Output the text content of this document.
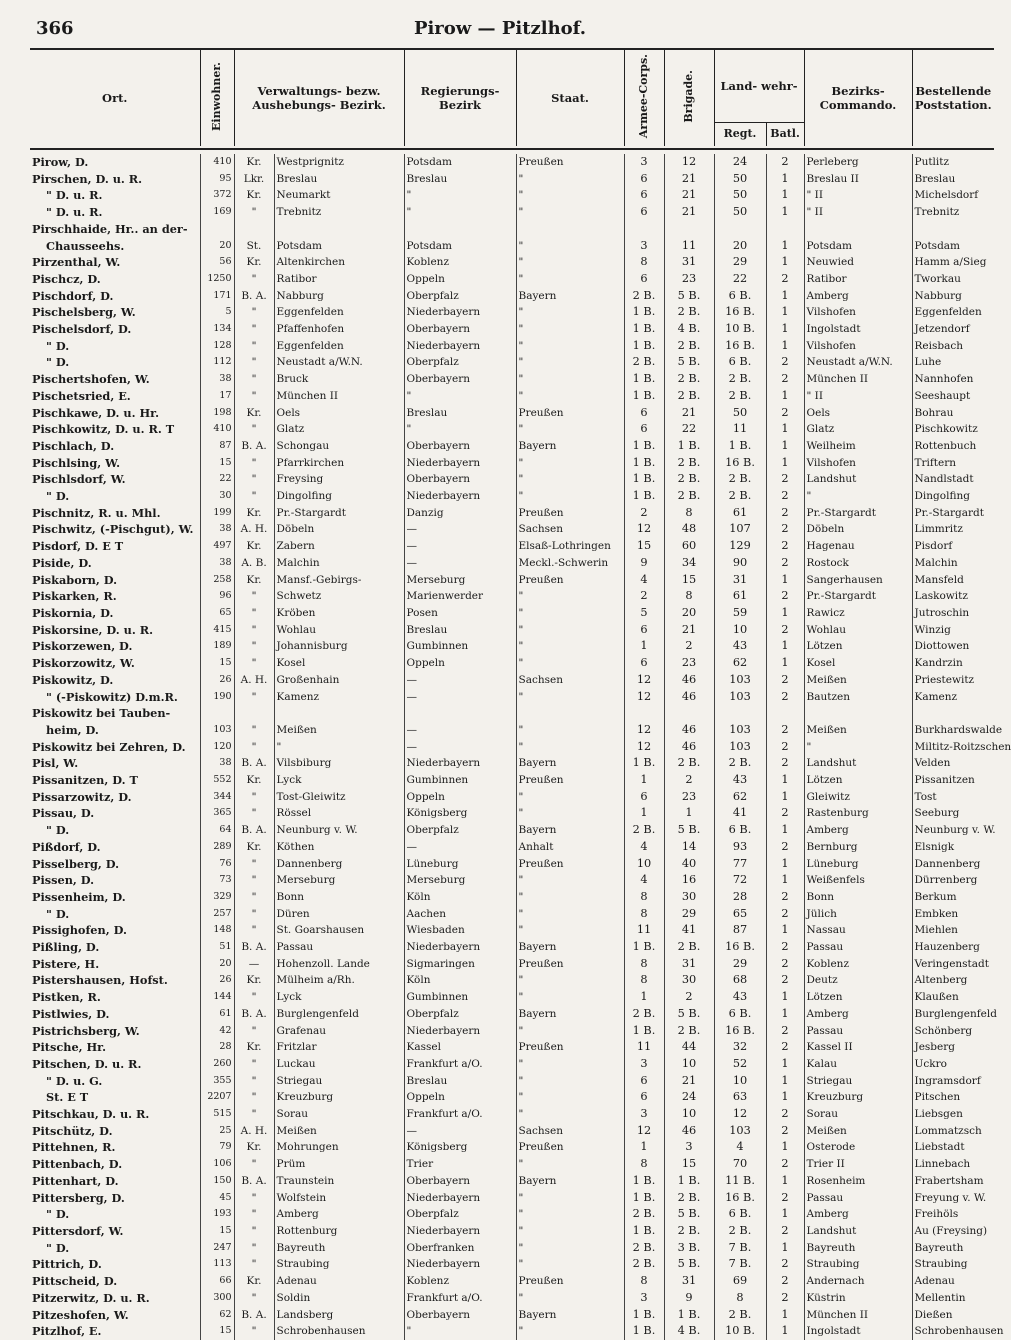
366	Pirow — Pitzlhof.
Ort.	Einwohner.	Verwaltungs- bezw. Aushebungs- Bezirk.	Regierungs- Bezirk	Staat.	Armee-Corps.	Brigade.	Land- wehr-		Bezirks- Commando.	Bestellende Poststation.
							Regt.	Batl.		
Pirow, D.	410	Kr.	Westprignitz	Potsdam	Preußen	3	12	24	2	Perleberg	Putlitz
Pirschen, D. u. R.	95	Lkr.	Breslau	Breslau	"	6	21	50	1	Breslau II	Breslau
" D. u. R.	372	Kr.	Neumarkt	"	"	6	21	50	1	" II	Michelsdorf
" D. u. R.	169	"	Trebnitz	"	"	6	21	50	1	" II	Trebnitz
Pirschhaide, Hr.. an der-											
Chausseehs.	20	St.	Potsdam	Potsdam	"	3	11	20	1	Potsdam	Potsdam
Pirzenthal, W.	56	Kr.	Altenkirchen	Koblenz	"	8	31	29	1	Neuwied	Hamm a/Sieg
Pischcz, D.	1250	"	Ratibor	Oppeln	"	6	23	22	2	Ratibor	Tworkau
Pischdorf, D.	171	B. A.	Nabburg	Oberpfalz	Bayern	2 B.	5 B.	6 B.	1	Amberg	Nabburg
Pischelsberg, W.	5	"	Eggenfelden	Niederbayern	"	1 B.	2 B.	16 B.	1	Vilshofen	Eggenfelden
Pischelsdorf, D.	134	"	Pfaffenhofen	Oberbayern	"	1 B.	4 B.	10 B.	1	Ingolstadt	Jetzendorf
" D.	128	"	Eggenfelden	Niederbayern	"	1 B.	2 B.	16 B.	1	Vilshofen	Reisbach
" D.	112	"	Neustadt a/W.N.	Oberpfalz	"	2 B.	5 B.	6 B.	2	Neustadt a/W.N.	Luhe
Pischertshofen, W.	38	"	Bruck	Oberbayern	"	1 B.	2 B.	2 B.	2	München II	Nannhofen
Pischetsried, E.	17	"	München II	"	"	1 B.	2 B.	2 B.	1	" II	Seeshaupt
Pischkawe, D. u. Hr.	198	Kr.	Oels	Breslau	Preußen	6	21	50	2	Oels	Bohrau
Pischkowitz, D. u. R. T	410	"	Glatz	"	"	6	22	11	1	Glatz	Pischkowitz
Pischlach, D.	87	B. A.	Schongau	Oberbayern	Bayern	1 B.	1 B.	1 B.	1	Weilheim	Rottenbuch
Pischlsing, W.	15	"	Pfarrkirchen	Niederbayern	"	1 B.	2 B.	16 B.	1	Vilshofen	Triftern
Pischlsdorf, W.	22	"	Freysing	Oberbayern	"	1 B.	2 B.	2 B.	2	Landshut	Nandlstadt
" D.	30	"	Dingolfing	Niederbayern	"	1 B.	2 B.	2 B.	2	"	Dingolfing
Pischnitz, R. u. Mhl.	199	Kr.	Pr.-Stargardt	Danzig	Preußen	2	8	61	2	Pr.-Stargardt	Pr.-Stargardt
Pischwitz, (-Pischgut), W.	38	A. H.	Döbeln	—	Sachsen	12	48	107	2	Döbeln	Limmritz
Pisdorf, D. E T	497	Kr.	Zabern	—	Elsaß-Lothringen	15	60	129	2	Hagenau	Pisdorf
Piside, D.	38	A. B.	Malchin	—	Meckl.-Schwerin	9	34	90	2	Rostock	Malchin
Piskaborn, D.	258	Kr.	Mansf.-Gebirgs-	Merseburg	Preußen	4	15	31	1	Sangerhausen	Mansfeld
Piskarken, R.	96	"	Schwetz	Marienwerder	"	2	8	61	2	Pr.-Stargardt	Laskowitz
Piskornia, D.	65	"	Kröben	Posen	"	5	20	59	1	Rawicz	Jutroschin
Piskorsine, D. u. R.	415	"	Wohlau	Breslau	"	6	21	10	2	Wohlau	Winzig
Piskorzewen, D.	189	"	Johannisburg	Gumbinnen	"	1	2	43	1	Lötzen	Diottowen
Piskorzowitz, W.	15	"	Kosel	Oppeln	"	6	23	62	1	Kosel	Kandrzin
Piskowitz, D.	26	A. H.	Großenhain	—	Sachsen	12	46	103	2	Meißen	Priestewitz
" (-Piskowitz) D.m.R.	190	"	Kamenz	—	"	12	46	103	2	Bautzen	Kamenz
Piskowitz bei Tauben-											
heim, D.	103	"	Meißen	—	"	12	46	103	2	Meißen	Burkhardswalde
Piskowitz bei Zehren, D.	120	"	"	—	"	12	46	103	2	"	Miltitz-Roitzschen
Pisl, W.	38	B. A.	Vilsbiburg	Niederbayern	Bayern	1 B.	2 B.	2 B.	2	Landshut	Velden
Pissanitzen, D. T	552	Kr.	Lyck	Gumbinnen	Preußen	1	2	43	1	Lötzen	Pissanitzen
Pissarzowitz, D.	344	"	Tost-Gleiwitz	Oppeln	"	6	23	62	1	Gleiwitz	Tost
Pissau, D.	365	"	Rössel	Königsberg	"	1	1	41	2	Rastenburg	Seeburg
" D.	64	B. A.	Neunburg v. W.	Oberpfalz	Bayern	2 B.	5 B.	6 B.	1	Amberg	Neunburg v. W.
Pißdorf, D.	289	Kr.	Köthen	—	Anhalt	4	14	93	2	Bernburg	Elsnigk
Pisselberg, D.	76	"	Dannenberg	Lüneburg	Preußen	10	40	77	1	Lüneburg	Dannenberg
Pissen, D.	73	"	Merseburg	Merseburg	"	4	16	72	1	Weißenfels	Dürrenberg
Pissenheim, D.	329	"	Bonn	Köln	"	8	30	28	2	Bonn	Berkum
" D.	257	"	Düren	Aachen	"	8	29	65	2	Jülich	Embken
Pissighofen, D.	148	"	St. Goarshausen	Wiesbaden	"	11	41	87	1	Nassau	Miehlen
Pißling, D.	51	B. A.	Passau	Niederbayern	Bayern	1 B.	2 B.	16 B.	2	Passau	Hauzenberg
Pistere, H.	20	—	Hohenzoll. Lande	Sigmaringen	Preußen	8	31	29	2	Koblenz	Veringenstadt
Pistershausen, Hofst.	26	Kr.	Mülheim a/Rh.	Köln	"	8	30	68	2	Deutz	Altenberg
Pistken, R.	144	"	Lyck	Gumbinnen	"	1	2	43	1	Lötzen	Klaußen
Pistlwies, D.	61	B. A.	Burglengenfeld	Oberpfalz	Bayern	2 B.	5 B.	6 B.	1	Amberg	Burglengenfeld
Pistrichsberg, W.	42	"	Grafenau	Niederbayern	"	1 B.	2 B.	16 B.	2	Passau	Schönberg
Pitsche, Hr.	28	Kr.	Fritzlar	Kassel	Preußen	11	44	32	2	Kassel II	Jesberg
Pitschen, D. u. R.	260	"	Luckau	Frankfurt a/O.	"	3	10	52	1	Kalau	Uckro
" D. u. G.	355	"	Striegau	Breslau	"	6	21	10	1	Striegau	Ingramsdorf
St. E T	2207	"	Kreuzburg	Oppeln	"	6	24	63	1	Kreuzburg	Pitschen
Pitschkau, D. u. R.	515	"	Sorau	Frankfurt a/O.	"	3	10	12	2	Sorau	Liebsgen
Pitschütz, D.	25	A. H.	Meißen	—	Sachsen	12	46	103	2	Meißen	Lommatzsch
Pittehnen, R.	79	Kr.	Mohrungen	Königsberg	Preußen	1	3	4	1	Osterode	Liebstadt
Pittenbach, D.	106	"	Prüm	Trier	"	8	15	70	2	Trier II	Linnebach
Pittenhart, D.	150	B. A.	Traunstein	Oberbayern	Bayern	1 B.	1 B.	11 B.	1	Rosenheim	Frabertsham
Pittersberg, D.	45	"	Wolfstein	Niederbayern	"	1 B.	2 B.	16 B.	2	Passau	Freyung v. W.
" D.	193	"	Amberg	Oberpfalz	"	2 B.	5 B.	6 B.	1	Amberg	Freihöls
Pittersdorf, W.	15	"	Rottenburg	Niederbayern	"	1 B.	2 B.	2 B.	2	Landshut	Au (Freysing)
" D.	247	"	Bayreuth	Oberfranken	"	2 B.	3 B.	7 B.	1	Bayreuth	Bayreuth
Pittrich, D.	113	"	Straubing	Niederbayern	"	2 B.	5 B.	7 B.	2	Straubing	Straubing
Pittscheid, D.	66	Kr.	Adenau	Koblenz	Preußen	8	31	69	2	Andernach	Adenau
Pitzerwitz, D. u. R.	300	"	Soldin	Frankfurt a/O.	"	3	9	8	2	Küstrin	Mellentin
Pitzeshofen, W.	62	B. A.	Landsberg	Oberbayern	Bayern	1 B.	1 B.	2 B.	1	München II	Dießen
Pitzlhof, E.	15	"	Schrobenhausen	"	"	1 B.	4 B.	10 B.	1	Ingolstadt	Schrobenhausen
